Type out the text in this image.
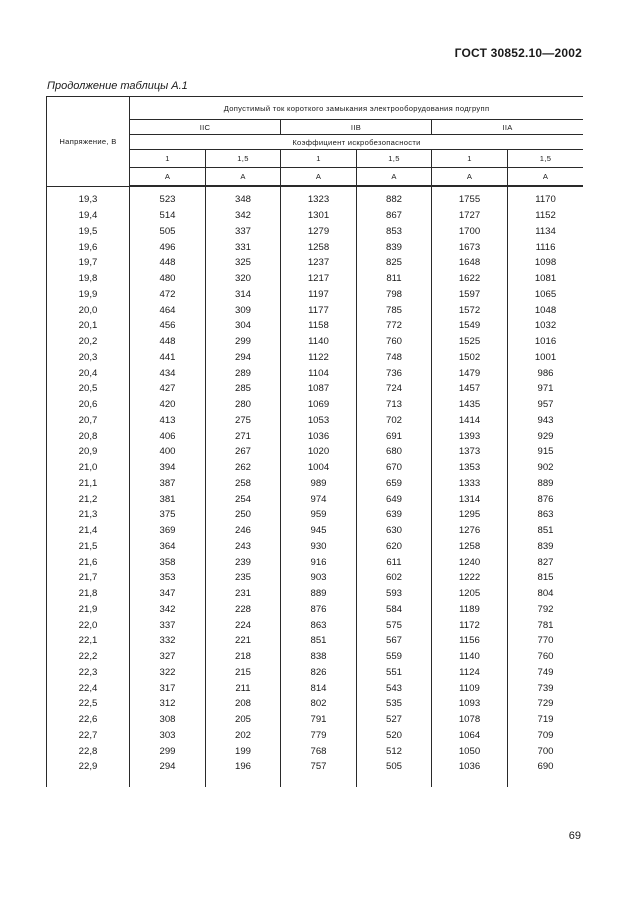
ГОСТ 30852.10—2002
Продолжение таблицы А.1
Напряжение, В	Допустимый ток короткого замыкания электрооборудования подгрупп					
	IIC		IIB		IIA	
	Коэффициент искробезопасности					
	1	1,5	1	1,5	1	1,5
	А	А	А	А	А	А

19,3	523	348	1323	882	1755	1170
19,4	514	342	1301	867	1727	1152
19,5	505	337	1279	853	1700	1134
19,6	496	331	1258	839	1673	1116
19,7	448	325	1237	825	1648	1098
19,8	480	320	1217	811	1622	1081
19,9	472	314	1197	798	1597	1065
20,0	464	309	1177	785	1572	1048
20,1	456	304	1158	772	1549	1032
20,2	448	299	1140	760	1525	1016
20,3	441	294	1122	748	1502	1001
20,4	434	289	1104	736	1479	986
20,5	427	285	1087	724	1457	971
20,6	420	280	1069	713	1435	957
20,7	413	275	1053	702	1414	943
20,8	406	271	1036	691	1393	929
20,9	400	267	1020	680	1373	915
21,0	394	262	1004	670	1353	902
21,1	387	258	989	659	1333	889
21,2	381	254	974	649	1314	876
21,3	375	250	959	639	1295	863
21,4	369	246	945	630	1276	851
21,5	364	243	930	620	1258	839
21,6	358	239	916	611	1240	827
21,7	353	235	903	602	1222	815
21,8	347	231	889	593	1205	804
21,9	342	228	876	584	1189	792
22,0	337	224	863	575	1172	781
22,1	332	221	851	567	1156	770
22,2	327	218	838	559	1140	760
22,3	322	215	826	551	1124	749
22,4	317	211	814	543	1109	739
22,5	312	208	802	535	1093	729
22,6	308	205	791	527	1078	719
22,7	303	202	779	520	1064	709
22,8	299	199	768	512	1050	700
22,9	294	196	757	505	1036	690

69
